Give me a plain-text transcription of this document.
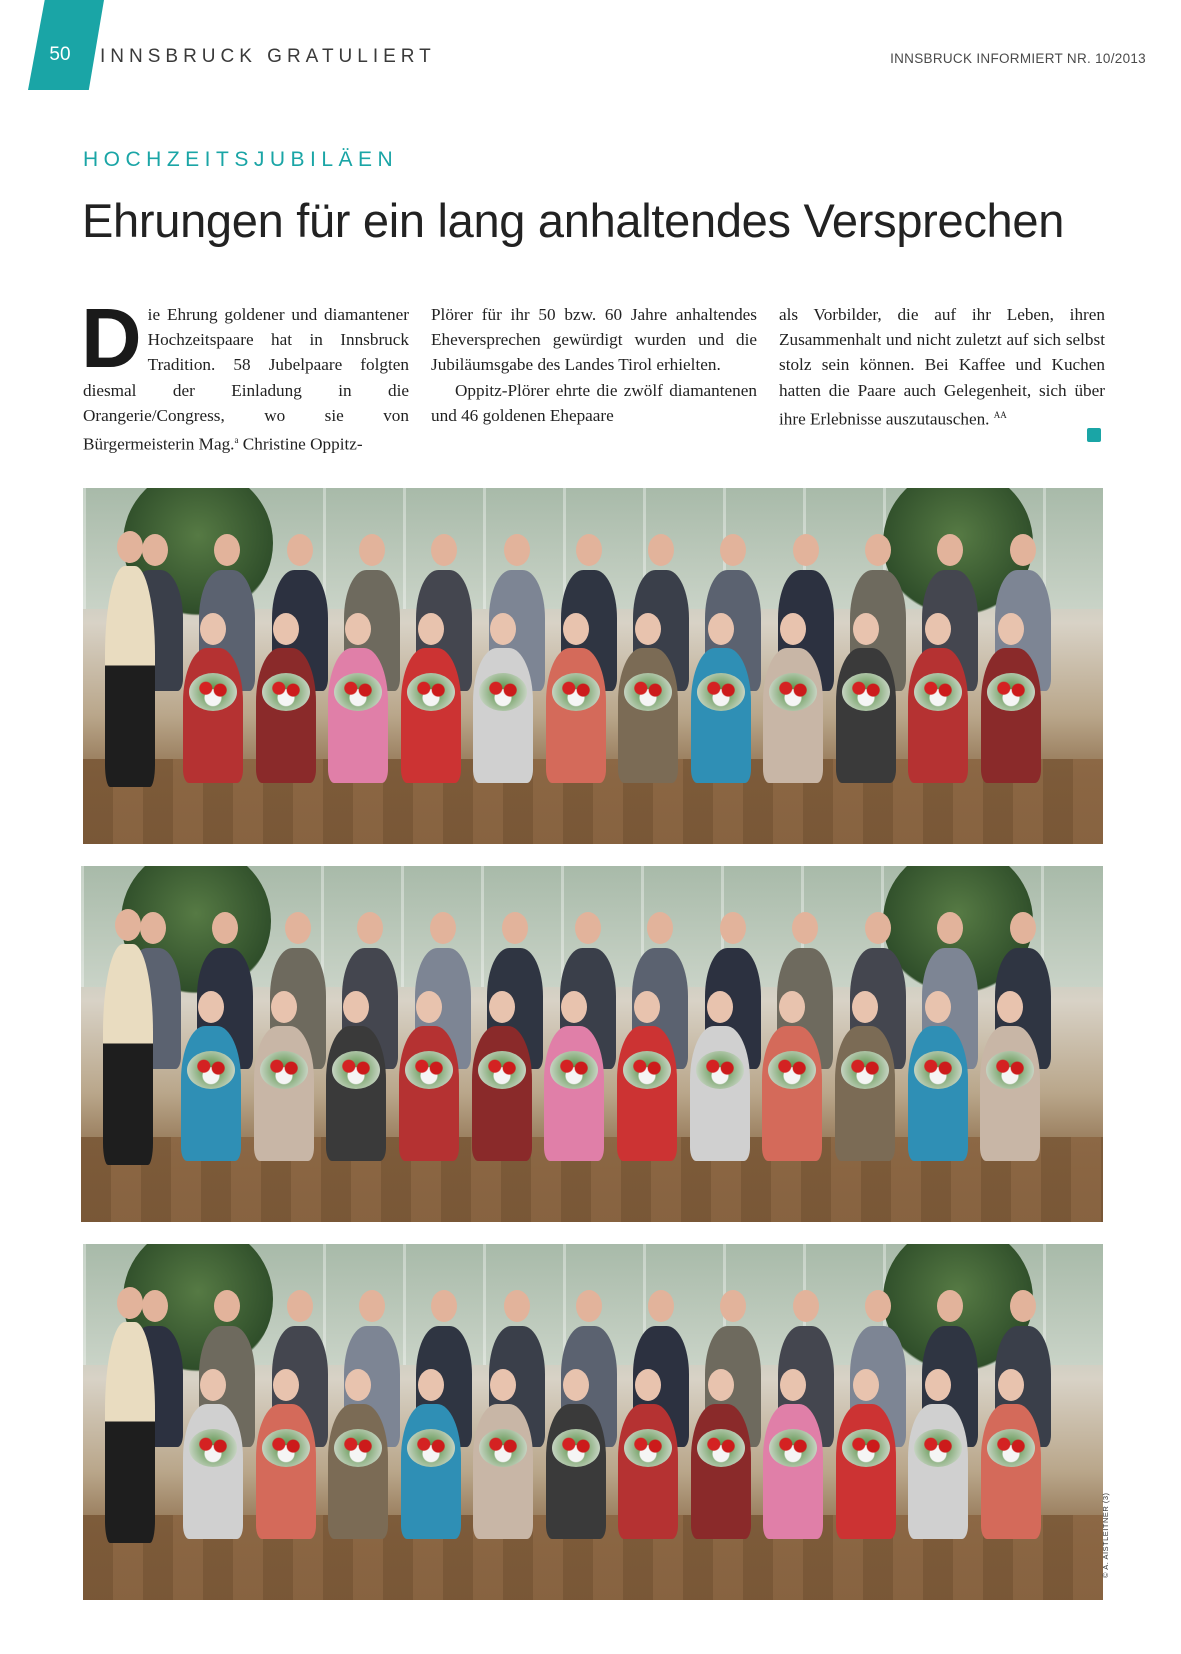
50	INNSBRUCK GRATULIERT	INNSBRUCK INFORMIERT NR. 10/2013
HOCHZEITSJUBILÄEN
Ehrungen für ein lang anhaltendes Versprechen
Die Ehrung goldener und diamantener Hochzeitspaare hat in Innsbruck Tradition. 58 Jubelpaare folgten diesmal der Einladung in die Orangerie/Congress, wo sie von Bürgermeisterin Mag.$^a$ Christine Oppitz-
Plörer für ihr 50 bzw. 60 Jahre anhaltendes Eheversprechen gewürdigt wurden und die Jubiläumsgabe des Landes Tirol erhielten.
Oppitz-Plörer ehrte die zwölf diamantenen und 46 goldenen Ehepaare
als Vorbilder, die auf ihr Leben, ihren Zusammenhalt und nicht zuletzt auf sich selbst stolz sein können. Bei Kaffee und Kuchen hatten die Paare auch Gelegenheit, sich über ihre Erlebnisse auszutauschen. $^{AA}$
© A. AISTLEITNER (3)
